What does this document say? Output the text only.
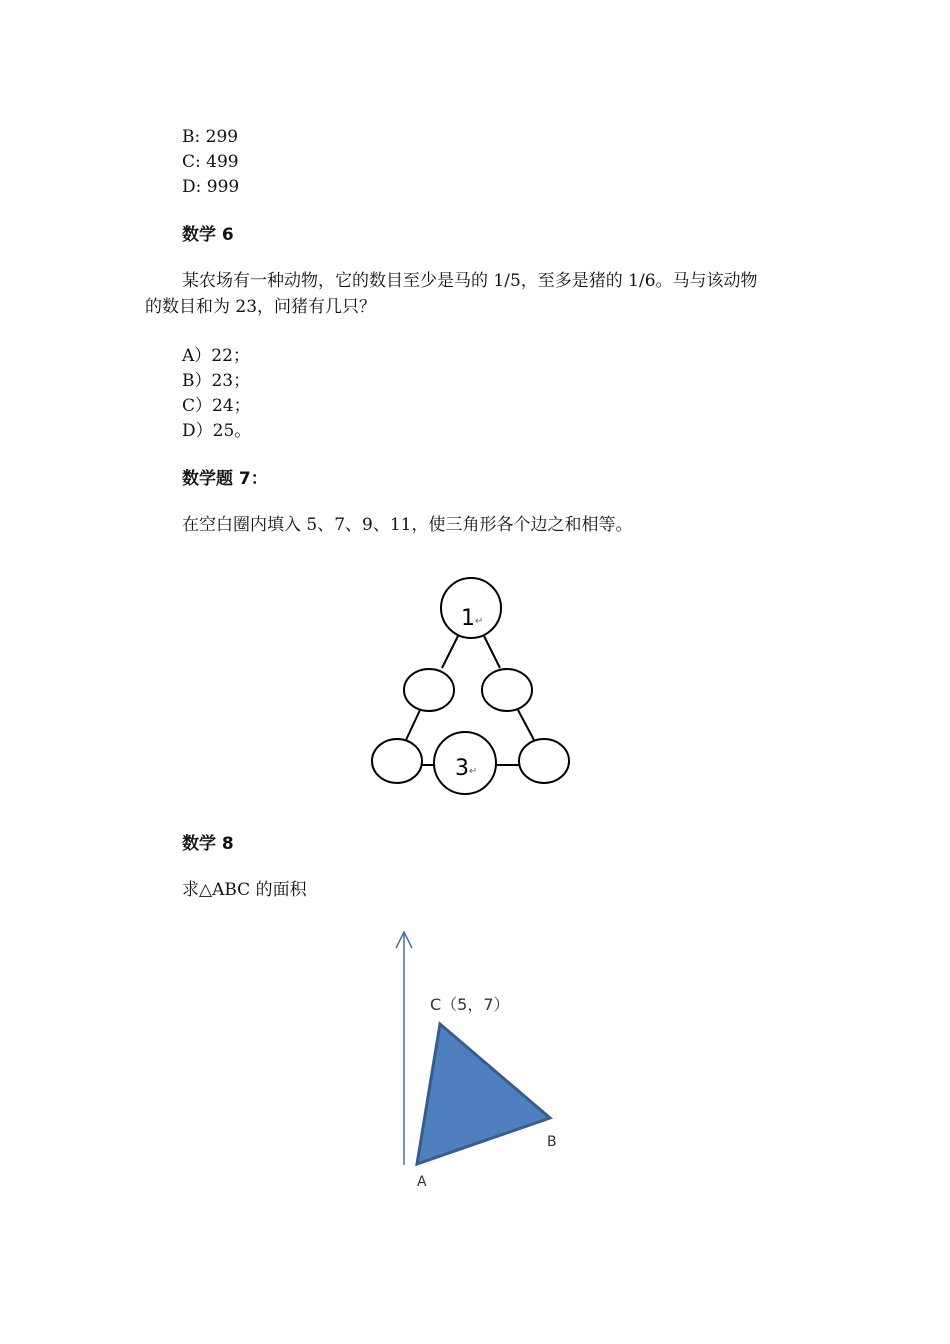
B: 299
C: 499
D: 999
数学 6
某农场有一种动物，它的数目至少是马的 1/5，至多是猪的 1/6。马与该动物
的数目和为 23，问猪有几只？
A）22；
B）23；
C）24；
D）25。
数学题 7：
在空白圈内填入 5、7、9、11，使三角形各个边之和相等。
1 ↵
3 ↵
数学 8
求△ABC 的面积
C（5，7）
B
A
